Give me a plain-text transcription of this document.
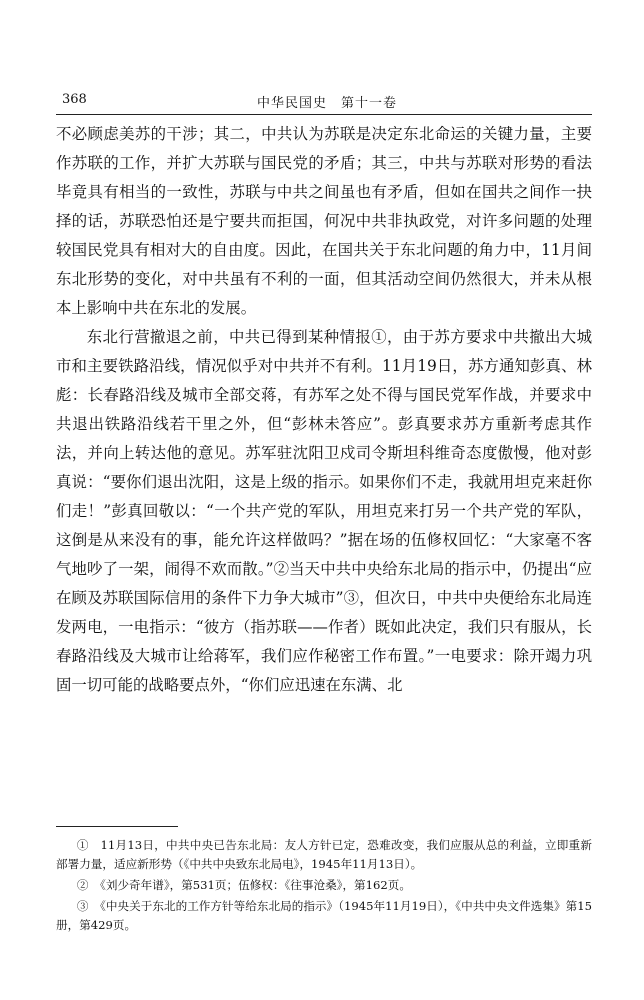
368	中华民国史　第十一卷

不必顾虑美苏的干涉；其二，中共认为苏联是决定东北命运的关键力量，主要作苏联的工作，并扩大苏联与国民党的矛盾；其三，中共与苏联对形势的看法毕竟具有相当的一致性，苏联与中共之间虽也有矛盾，但如在国共之间作一抉择的话，苏联恐怕还是宁要共而拒国，何况中共非执政党，对许多问题的处理较国民党具有相对大的自由度。因此，在国共关于东北问题的角力中，11月间东北形势的变化，对中共虽有不利的一面，但其活动空间仍然很大，并未从根本上影响中共在东北的发展。

东北行营撤退之前，中共已得到某种情报①，由于苏方要求中共撤出大城市和主要铁路沿线，情况似乎对中共并不有利。11月19日，苏方通知彭真、林彪：长春路沿线及城市全部交蒋，有苏军之处不得与国民党军作战，并要求中共退出铁路沿线若干里之外，但“彭林未答应”。彭真要求苏方重新考虑其作法，并向上转达他的意见。苏军驻沈阳卫戍司令斯坦科维奇态度傲慢，他对彭真说：“要你们退出沈阳，这是上级的指示。如果你们不走，我就用坦克来赶你们走！”彭真回敬以：“一个共产党的军队，用坦克来打另一个共产党的军队，这倒是从来没有的事，能允许这样做吗？”据在场的伍修权回忆：“大家毫不客气地吵了一架，闹得不欢而散。”②当天中共中央给东北局的指示中，仍提出“应在顾及苏联国际信用的条件下力争大城市”③，但次日，中共中央便给东北局连发两电，一电指示：“彼方（指苏联——作者）既如此决定，我们只有服从，长春路沿线及大城市让给蒋军，我们应作秘密工作布置。”一电要求：除开竭力巩固一切可能的战略要点外，“你们应迅速在东满、北

①　11月13日，中共中央已告东北局：友人方针已定，恐难改变，我们应服从总的利益，立即重新部署力量，适应新形势（《中共中央致东北局电》，1945年11月13日）。

②　《刘少奇年谱》，第531页；伍修权：《往事沧桑》，第162页。

③　《中央关于东北的工作方针等给东北局的指示》（1945年11月19日），《中共中央文件选集》第15册，第429页。
